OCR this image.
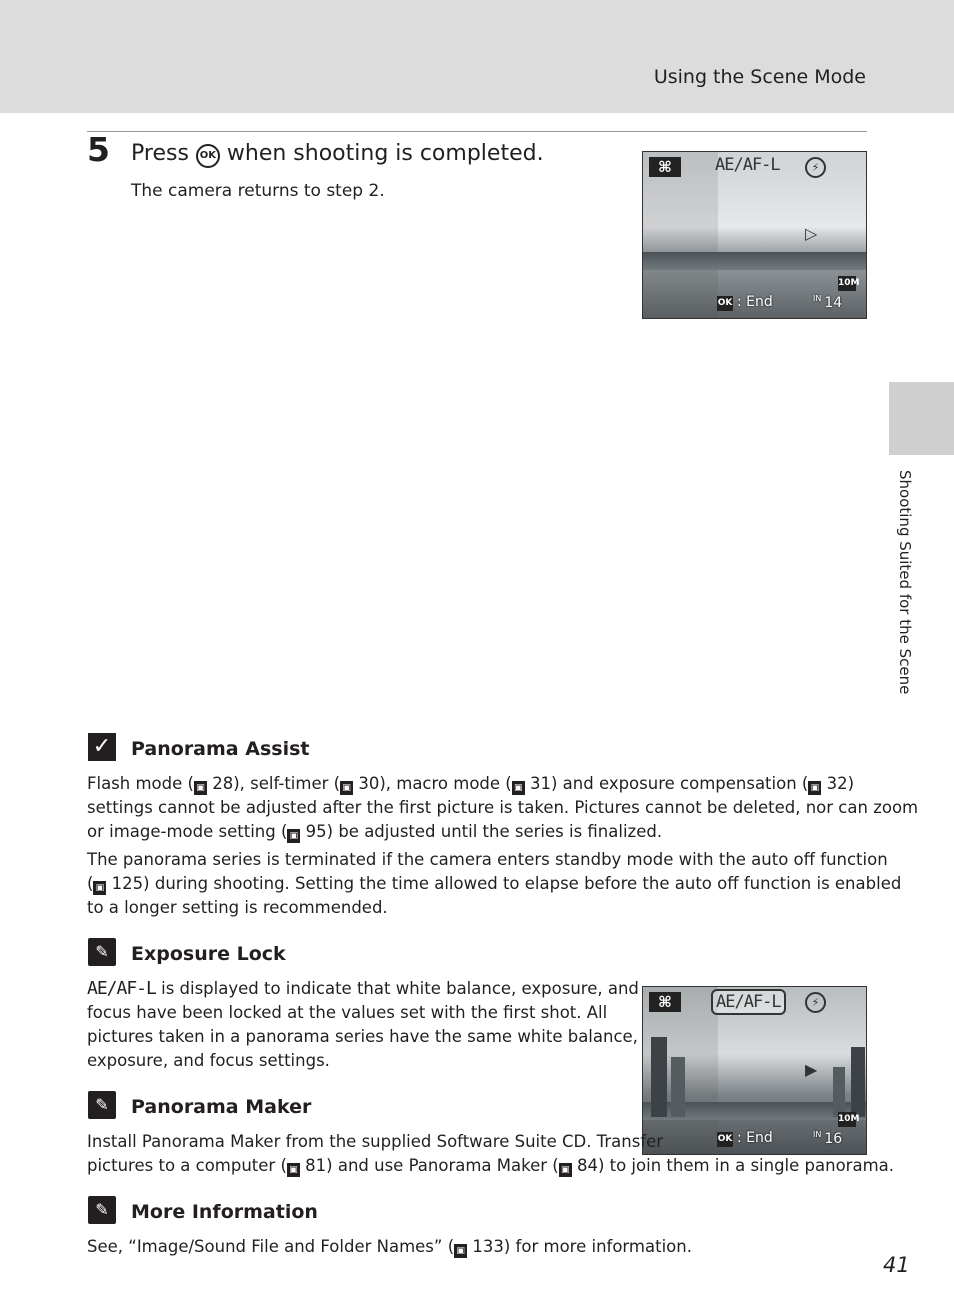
Using the Scene Mode
Shooting Suited for the Scene
5 Press OK when shooting is completed.
The camera returns to step 2.
⌘	AE/AF-L	⚡
▷
10M
OK : End	$^{IN}$ 14
✓ Panorama Assist
Flash mode ( ▣ 28), self-timer ( ▣ 30), macro mode ( ▣ 31) and exposure compensation ( ▣ 32)
settings cannot be adjusted after the first picture is taken. Pictures cannot be deleted, nor can zoom
or image-mode setting ( ▣ 95) be adjusted until the series is finalized.
The panorama series is terminated if the camera enters standby mode with the auto off function
( ▣ 125) during shooting. Setting the time allowed to elapse before the auto off function is enabled
to a longer setting is recommended.
✎	Exposure Lock
AE/AF-L is displayed to indicate that white balance, exposure, and
focus have been locked at the values set with the first shot. All
pictures taken in a panorama series have the same white balance,
exposure, and focus settings.
⌘	AE/AF-L	⚡
▶
10M
OK : End	$^{IN}$ 16
✎	Panorama Maker
Install Panorama Maker from the supplied Software Suite CD. Transfer
pictures to a computer ( ▣ 81) and use Panorama Maker ( ▣ 84) to join them in a single panorama.
✎	More Information
See, “Image/Sound File and Folder Names” ( ▣ 133) for more information.
41
